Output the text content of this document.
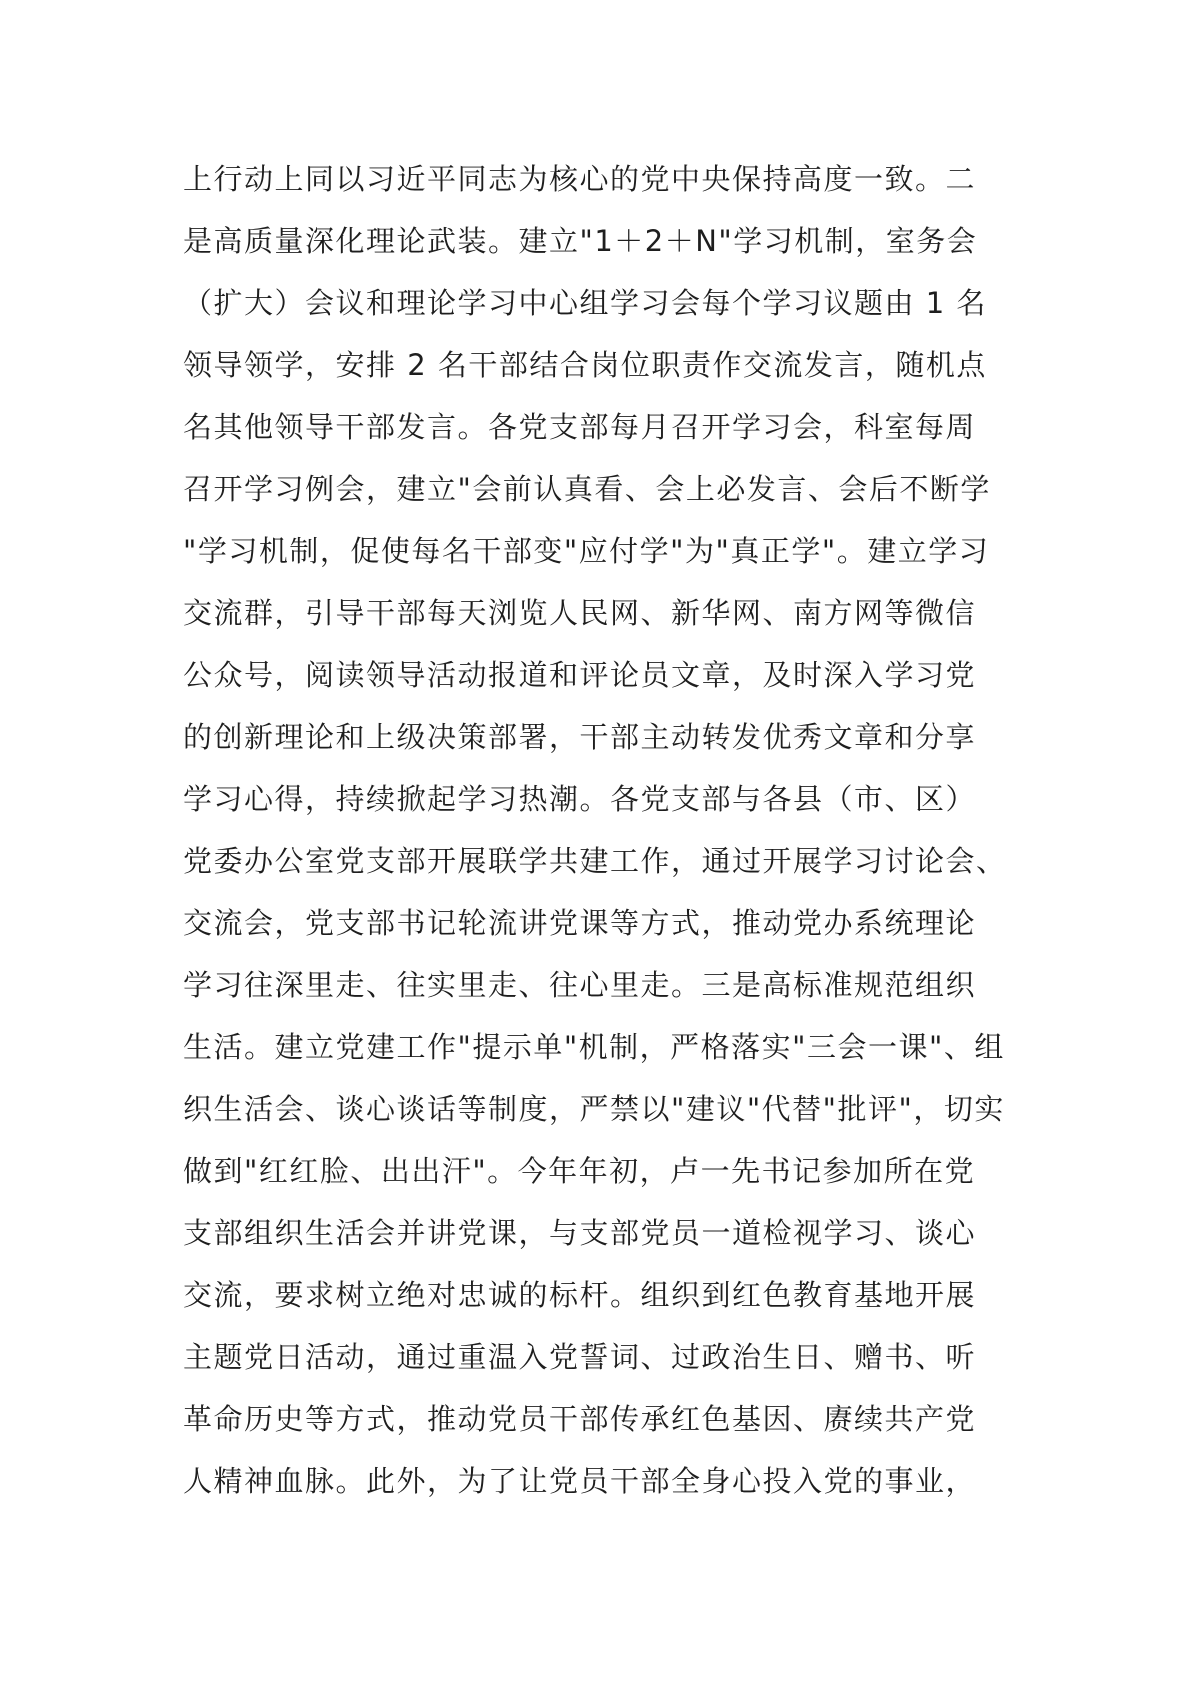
上行动上同以习近平同志为核心的党中央保持高度一致。二
是高质量深化理论武装。建立"1＋2＋N"学习机制，室务会
（扩大）会议和理论学习中心组学习会每个学习议题由 1 名
领导领学，安排 2 名干部结合岗位职责作交流发言，随机点
名其他领导干部发言。各党支部每月召开学习会，科室每周
召开学习例会，建立"会前认真看、会上必发言、会后不断学
"学习机制，促使每名干部变"应付学"为"真正学"。建立学习
交流群，引导干部每天浏览人民网、新华网、南方网等微信
公众号，阅读领导活动报道和评论员文章，及时深入学习党
的创新理论和上级决策部署，干部主动转发优秀文章和分享
学习心得，持续掀起学习热潮。各党支部与各县（市、区）
党委办公室党支部开展联学共建工作，通过开展学习讨论会、
交流会，党支部书记轮流讲党课等方式，推动党办系统理论
学习往深里走、往实里走、往心里走。三是高标准规范组织
生活。建立党建工作"提示单"机制，严格落实"三会一课"、组
织生活会、谈心谈话等制度，严禁以"建议"代替"批评"，切实
做到"红红脸、出出汗"。今年年初，卢一先书记参加所在党
支部组织生活会并讲党课，与支部党员一道检视学习、谈心
交流，要求树立绝对忠诚的标杆。组织到红色教育基地开展
主题党日活动，通过重温入党誓词、过政治生日、赠书、听
革命历史等方式，推动党员干部传承红色基因、赓续共产党
人精神血脉。此外，为了让党员干部全身心投入党的事业，
